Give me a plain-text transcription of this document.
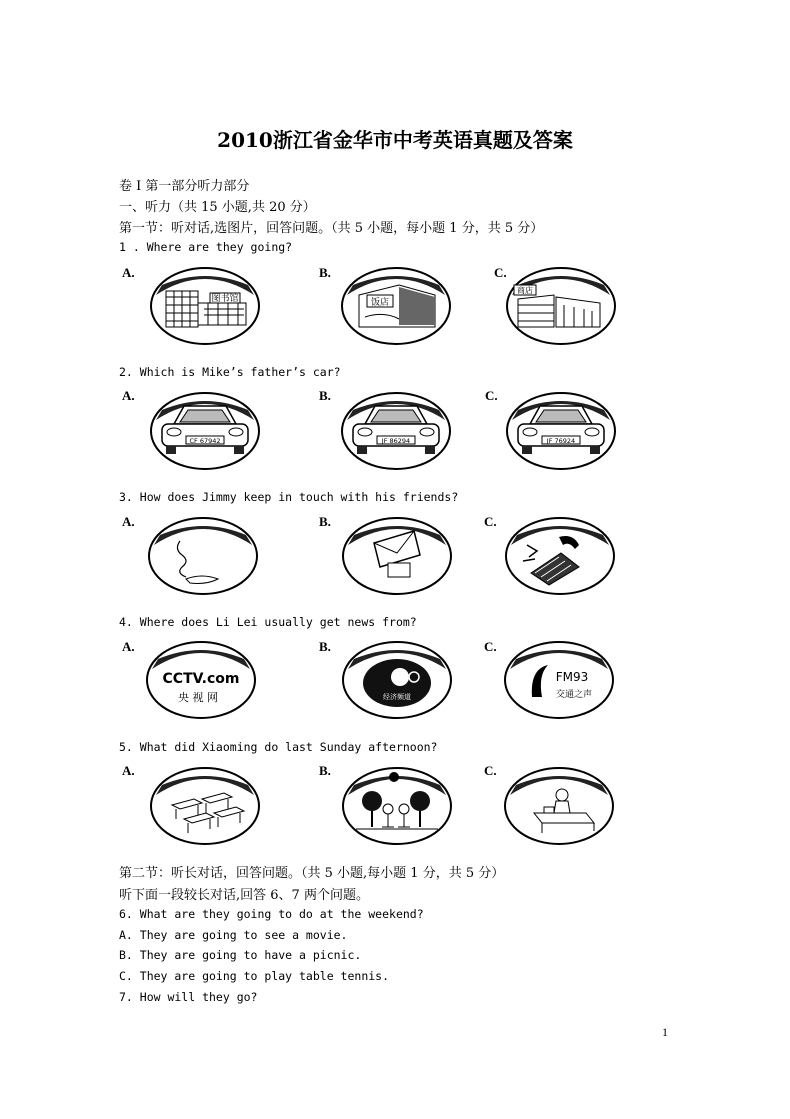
2010浙江省金华市中考英语真题及答案
卷 I 第一部分听力部分
一、听力（共 15 小题,共 20 分）
第一节：听对话,选图片，回答问题。（共 5 小题，每小题 1 分，共 5 分）
1 . Where are they going?
A.	B.	C.
图书馆	饭店
商店
2. Which is Mike’s father’s car?
A.	B.	C.
CF 67942	JF 86294	JF 76924
3. How does Jimmy keep in touch with his friends?
A.	B.	C.
4. Where does Li Lei usually get news from?
A.	B.	C.
CCTV.com
央 视 网	经济频道
FM93
交通之声
5. What did Xiaoming do last Sunday afternoon?
A.	B.	C.
第二节：听长对话，回答问题。（共 5 小题,每小题 1 分，共 5 分）
听下面一段较长对话,回答 6、7 两个问题。
6. What are they going to do at the weekend?
A. They are going to see a movie.
B. They are going to have a picnic.
C. They are going to play table tennis.
7. How will they go?
1
